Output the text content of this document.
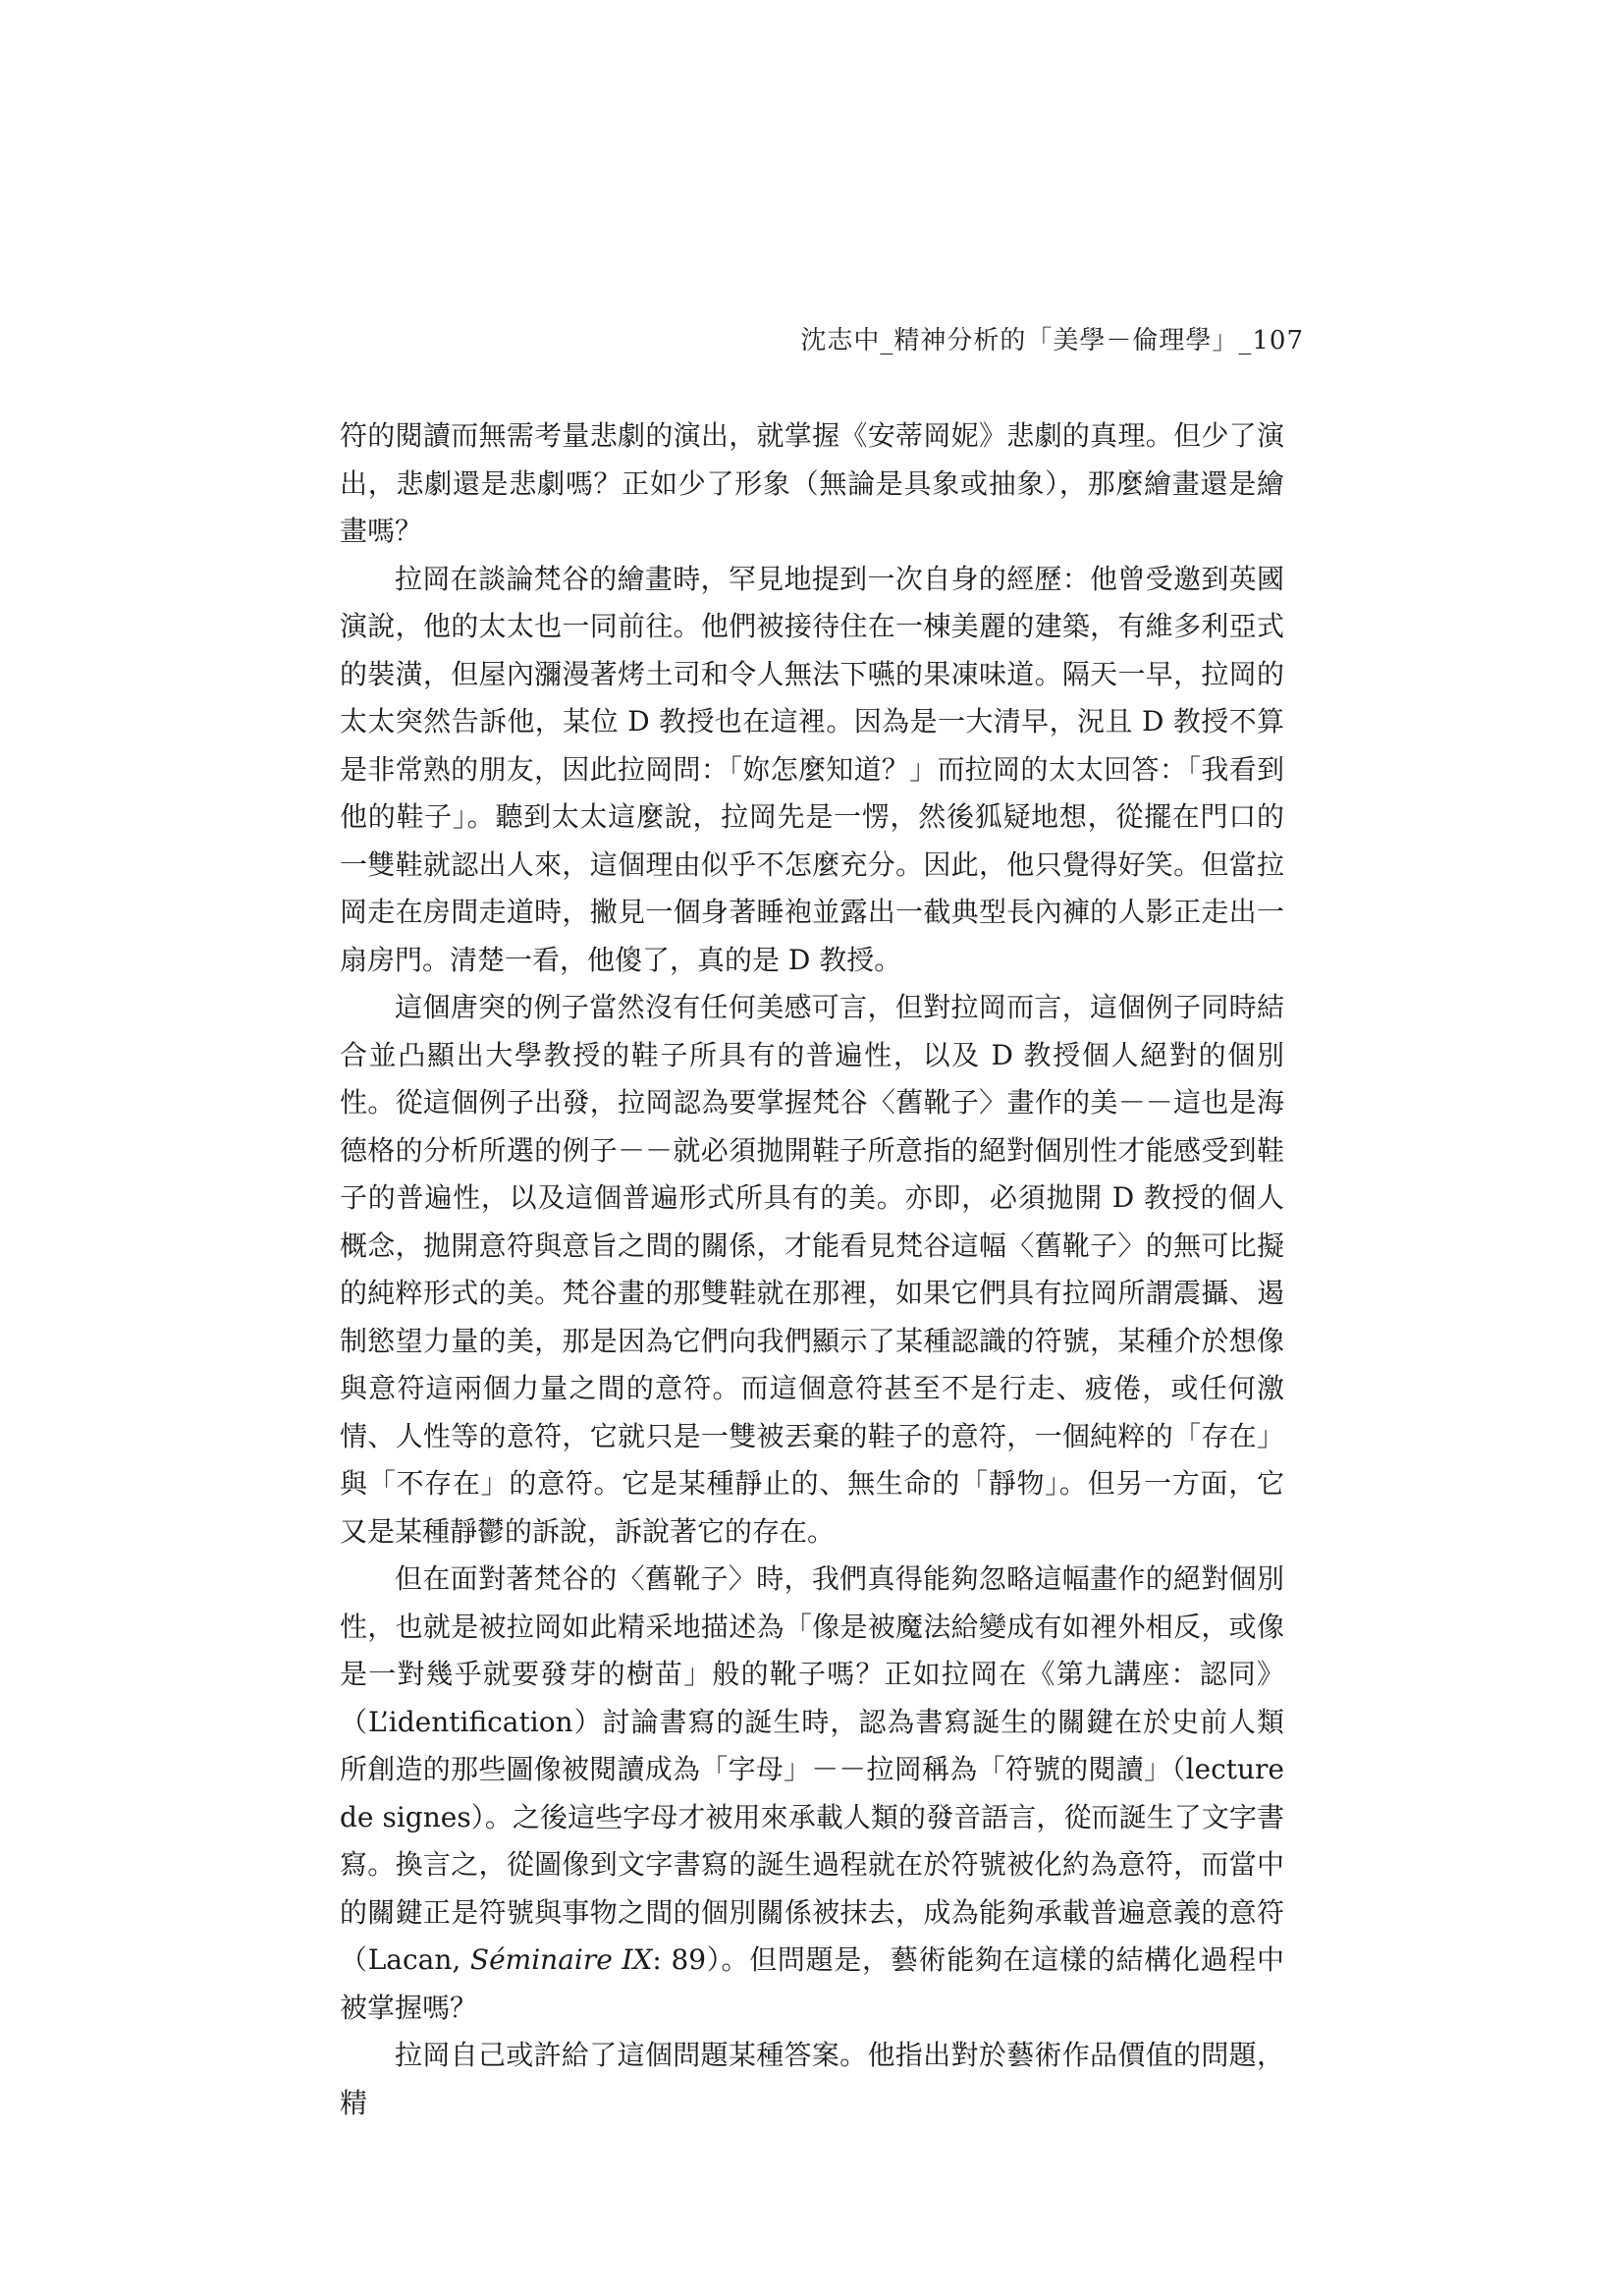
沈志中_精神分析的「美學－倫理學」_107

符的閱讀而無需考量悲劇的演出，就掌握《安蒂岡妮》悲劇的真理。但少了演出，悲劇還是悲劇嗎？正如少了形象（無論是具象或抽象），那麼繪畫還是繪畫嗎？

拉岡在談論梵谷的繪畫時，罕見地提到一次自身的經歷：他曾受邀到英國演說，他的太太也一同前往。他們被接待住在一棟美麗的建築，有維多利亞式的裝潢，但屋內瀰漫著烤土司和令人無法下嚥的果凍味道。隔天一早，拉岡的太太突然告訴他，某位 D 教授也在這裡。因為是一大清早，況且 D 教授不算是非常熟的朋友，因此拉岡問：「妳怎麼知道？」而拉岡的太太回答：「我看到他的鞋子」。聽到太太這麼說，拉岡先是一愣，然後狐疑地想，從擺在門口的一雙鞋就認出人來，這個理由似乎不怎麼充分。因此，他只覺得好笑。但當拉岡走在房間走道時，撇見一個身著睡袍並露出一截典型長內褲的人影正走出一扇房門。清楚一看，他傻了，真的是 D 教授。

這個唐突的例子當然沒有任何美感可言，但對拉岡而言，這個例子同時結合並凸顯出大學教授的鞋子所具有的普遍性，以及 D 教授個人絕對的個別性。從這個例子出發，拉岡認為要掌握梵谷〈舊靴子〉畫作的美－－這也是海德格的分析所選的例子－－就必須拋開鞋子所意指的絕對個別性才能感受到鞋子的普遍性，以及這個普遍形式所具有的美。亦即，必須拋開 D 教授的個人概念，拋開意符與意旨之間的關係，才能看見梵谷這幅〈舊靴子〉的無可比擬的純粹形式的美。梵谷畫的那雙鞋就在那裡，如果它們具有拉岡所謂震攝、遏制慾望力量的美，那是因為它們向我們顯示了某種認識的符號，某種介於想像與意符這兩個力量之間的意符。而這個意符甚至不是行走、疲倦，或任何激情、人性等的意符，它就只是一雙被丟棄的鞋子的意符，一個純粹的「存在」與「不存在」的意符。它是某種靜止的、無生命的「靜物」。但另一方面，它又是某種靜鬱的訴說，訴說著它的存在。

但在面對著梵谷的〈舊靴子〉時，我們真得能夠忽略這幅畫作的絕對個別性，也就是被拉岡如此精采地描述為「像是被魔法給變成有如裡外相反，或像是一對幾乎就要發芽的樹苗」般的靴子嗎？正如拉岡在《第九講座：認同》（L’identification）討論書寫的誕生時，認為書寫誕生的關鍵在於史前人類所創造的那些圖像被閱讀成為「字母」－－拉岡稱為「符號的閱讀」（lecture de signes）。之後這些字母才被用來承載人類的發音語言，從而誕生了文字書寫。換言之，從圖像到文字書寫的誕生過程就在於符號被化約為意符，而當中的關鍵正是符號與事物之間的個別關係被抹去，成為能夠承載普遍意義的意符（Lacan, Séminaire IX: 89）。但問題是，藝術能夠在這樣的結構化過程中被掌握嗎？

拉岡自己或許給了這個問題某種答案。他指出對於藝術作品價值的問題，精
